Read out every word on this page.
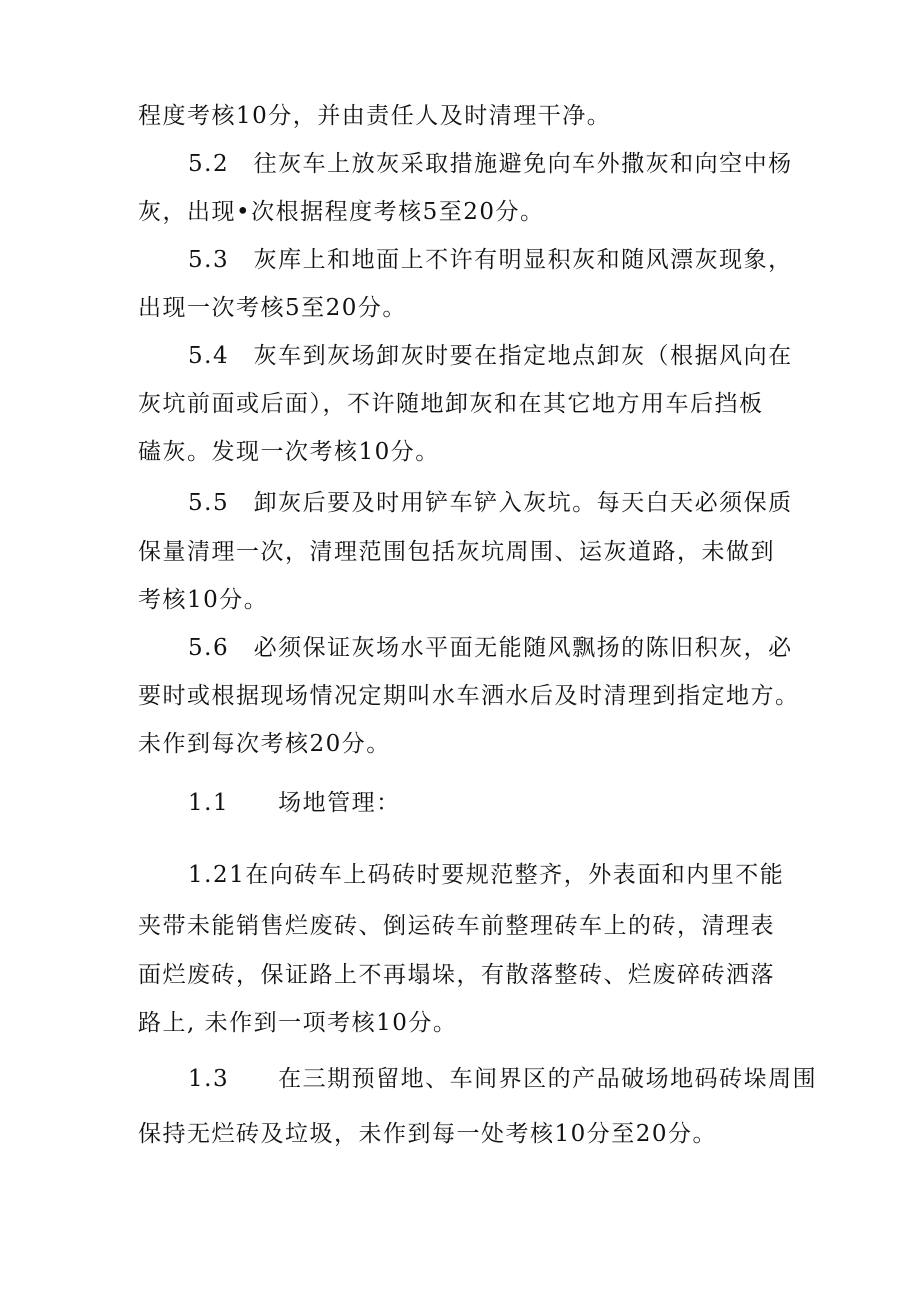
程度考核10分，并由责任人及时清理干净。
5.2　往灰车上放灰采取措施避免向车外撒灰和向空中杨
灰，出现•次根据程度考核5至20分。
5.3　灰库上和地面上不许有明显积灰和随风漂灰现象，
出现一次考核5至20分。
5.4　灰车到灰场卸灰时要在指定地点卸灰（根据风向在
灰坑前面或后面），不许随地卸灰和在其它地方用车后挡板
磕灰。发现一次考核10分。
5.5　卸灰后要及时用铲车铲入灰坑。每天白天必须保质
保量清理一次，清理范围包括灰坑周围、运灰道路，未做到
考核10分。
5.6　必须保证灰场水平面无能随风飘扬的陈旧积灰，必
要时或根据现场情况定期叫水车洒水后及时清理到指定地方。
未作到每次考核20分。
1.1　　场地管理：
1.21在向砖车上码砖时要规范整齐，外表面和内里不能
夹带未能销售烂废砖、倒运砖车前整理砖车上的砖，清理表
面烂废砖，保证路上不再塌垛，有散落整砖、烂废碎砖洒落
路上, 未作到一项考核10分。
1.3　　在三期预留地、车间界区的产品破场地码砖垛周围
保持无烂砖及垃圾，未作到每一处考核10分至20分。
